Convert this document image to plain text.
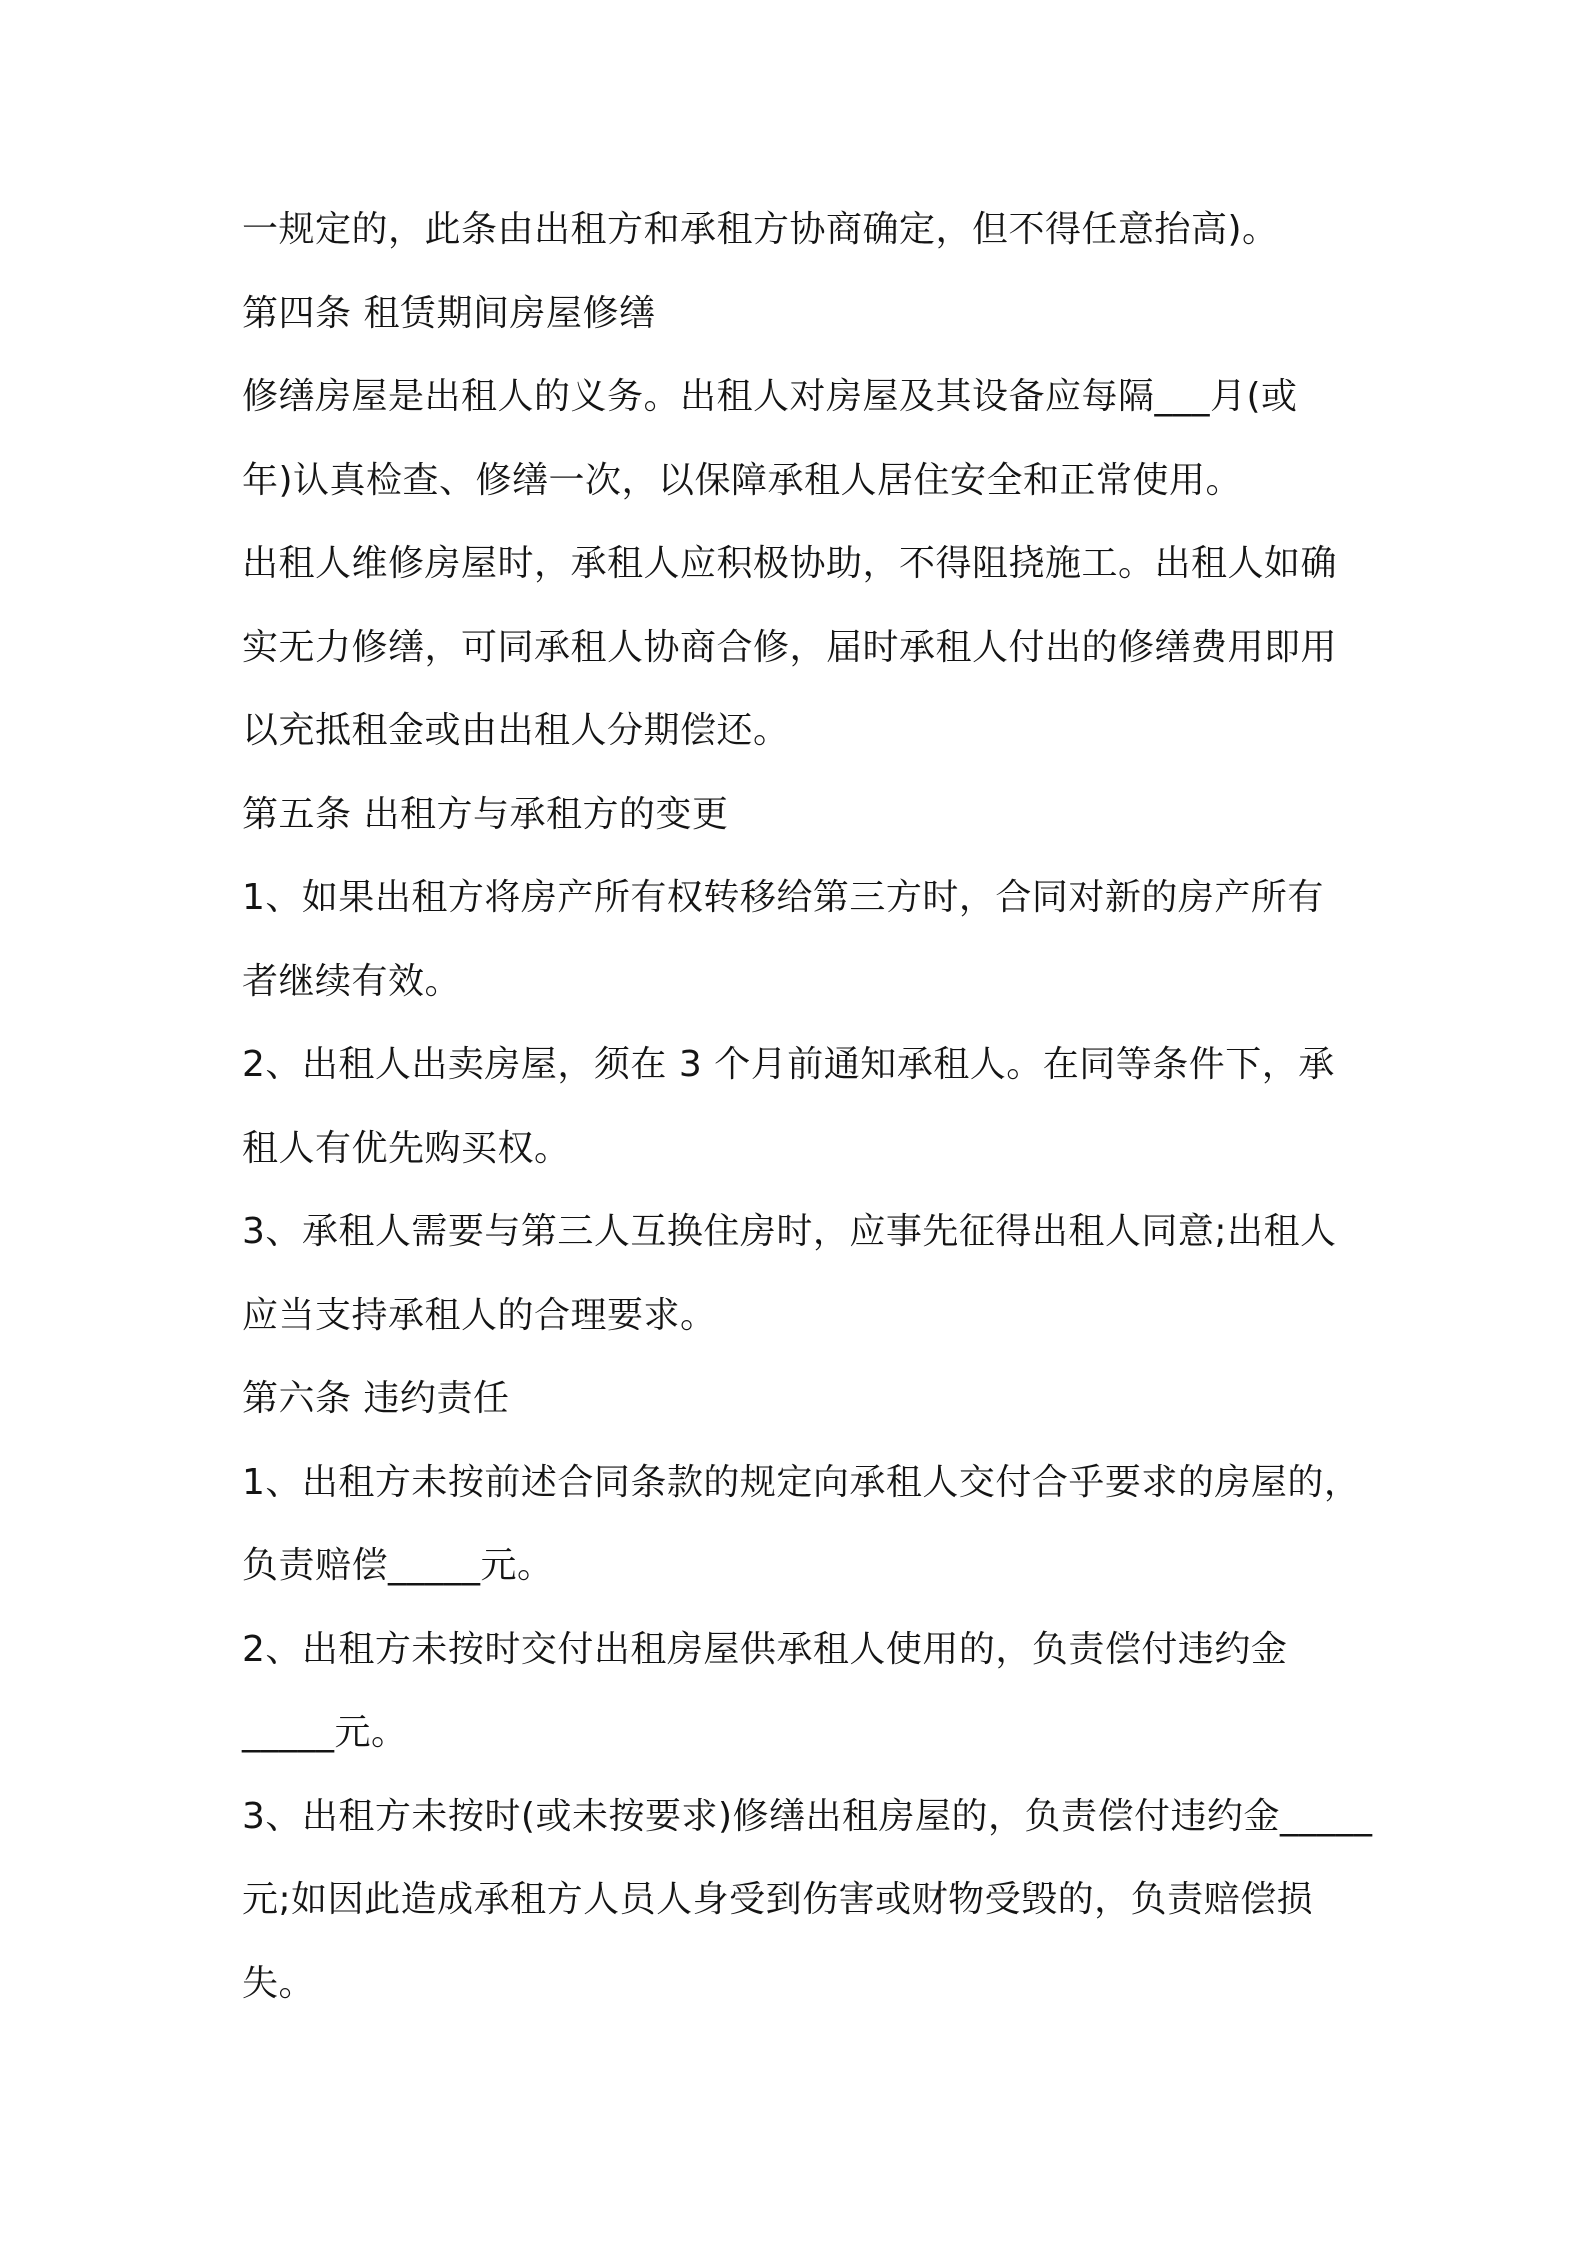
一规定的，此条由出租方和承租方协商确定，但不得任意抬高)。
第四条 租赁期间房屋修缮
修缮房屋是出租人的义务。出租人对房屋及其设备应每隔___月(或
年)认真检查、修缮一次，以保障承租人居住安全和正常使用。
出租人维修房屋时，承租人应积极协助，不得阻挠施工。出租人如确
实无力修缮，可同承租人协商合修，届时承租人付出的修缮费用即用
以充抵租金或由出租人分期偿还。
第五条 出租方与承租方的变更
1、如果出租方将房产所有权转移给第三方时，合同对新的房产所有
者继续有效。
2、出租人出卖房屋，须在 3 个月前通知承租人。在同等条件下，承
租人有优先购买权。
3、承租人需要与第三人互换住房时，应事先征得出租人同意;出租人
应当支持承租人的合理要求。
第六条 违约责任
1、出租方未按前述合同条款的规定向承租人交付合乎要求的房屋的，
负责赔偿_____元。
2、出租方未按时交付出租房屋供承租人使用的，负责偿付违约金
_____元。
3、出租方未按时(或未按要求)修缮出租房屋的，负责偿付违约金_____
元;如因此造成承租方人员人身受到伤害或财物受毁的，负责赔偿损
失。
